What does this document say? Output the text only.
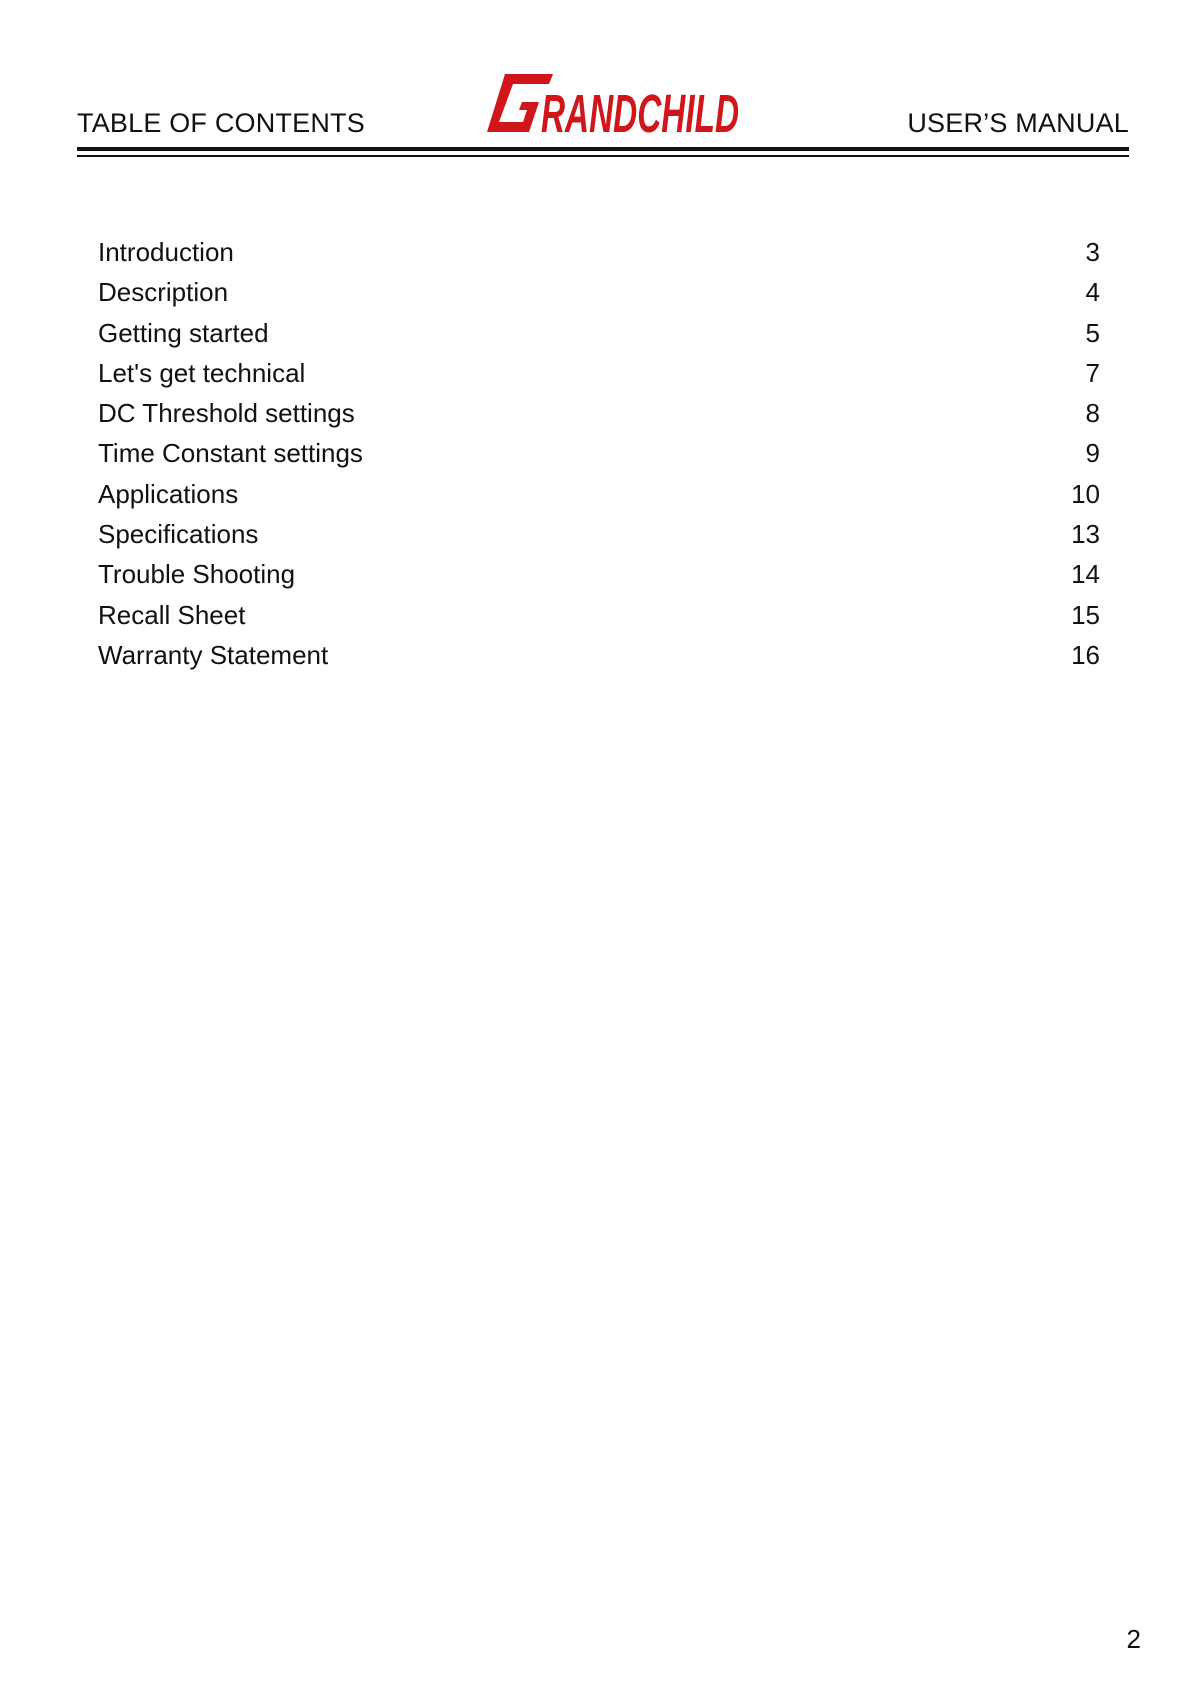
TABLE OF CONTENTS	RANDCHILD	USER’S MANUAL
Introduction	3
Description	4
Getting started	5
Let's get technical	7
DC Threshold settings	8
Time Constant settings	9
Applications	10
Specifications	13
Trouble Shooting	14
Recall Sheet	15
Warranty Statement	16
2
